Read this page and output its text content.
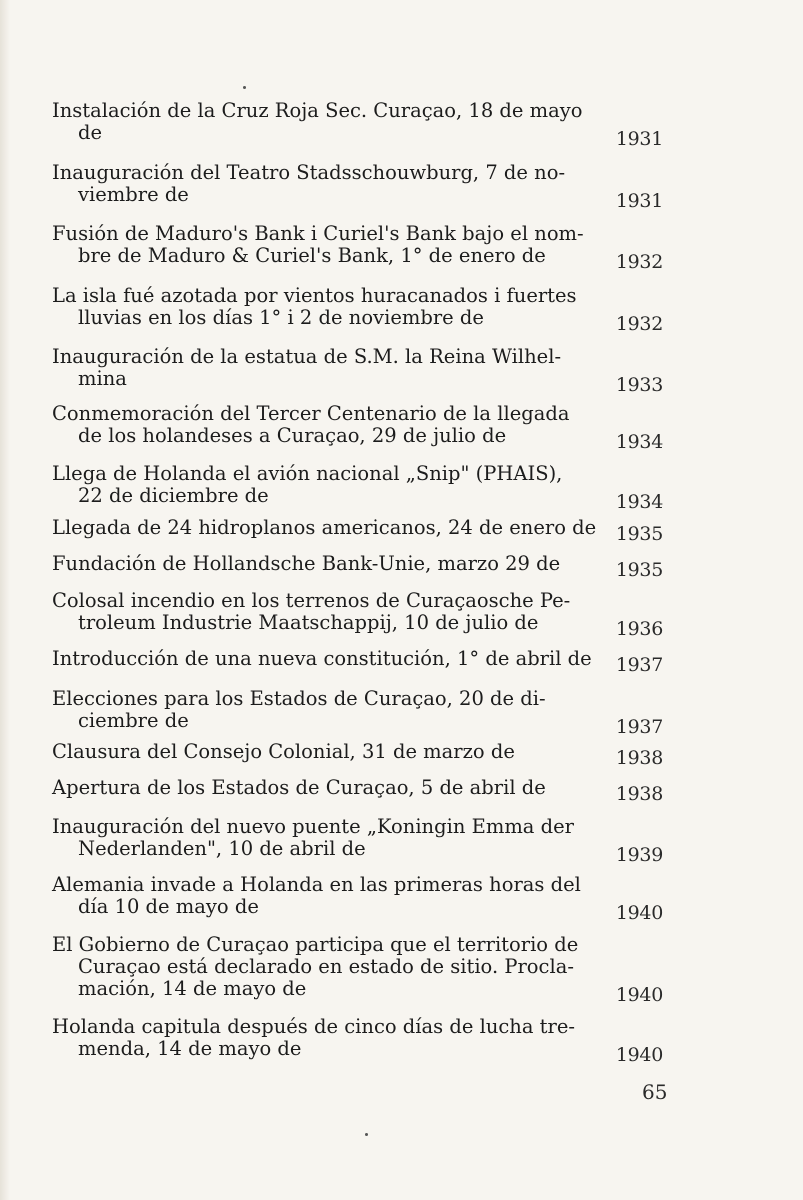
Instalación de la Cruz Roja Sec. Curaçao, 18 de mayo
de	1931
Inauguración del Teatro Stadsschouwburg, 7 de no-
viembre de	1931
Fusión de Maduro's Bank i Curiel's Bank bajo el nom-
bre de Maduro & Curiel's Bank, 1° de enero de	1932
La isla fué azotada por vientos huracanados i fuertes
lluvias en los días 1° i 2 de noviembre de	1932
Inauguración de la estatua de S.M. la Reina Wilhel-
mina	1933
Conmemoración del Tercer Centenario de la llegada
de los holandeses a Curaçao, 29 de julio de	1934
Llega de Holanda el avión nacional „Snip" (PHAIS),
22 de diciembre de	1934
Llegada de 24 hidroplanos americanos, 24 de enero de	1935
Fundación de Hollandsche Bank-Unie, marzo 29 de	1935
Colosal incendio en los terrenos de Curaçaosche Pe-
troleum Industrie Maatschappij, 10 de julio de	1936
Introducción de una nueva constitución, 1° de abril de	1937
Elecciones para los Estados de Curaçao, 20 de di-
ciembre de	1937
Clausura del Consejo Colonial, 31 de marzo de	1938
Apertura de los Estados de Curaçao, 5 de abril de	1938
Inauguración del nuevo puente „Koningin Emma der
Nederlanden", 10 de abril de	1939
Alemania invade a Holanda en las primeras horas del
día 10 de mayo de	1940
El Gobierno de Curaçao participa que el territorio de
Curaçao está declarado en estado de sitio. Procla-
mación, 14 de mayo de	1940
Holanda capitula después de cinco días de lucha tre-
menda, 14 de mayo de	1940
65
